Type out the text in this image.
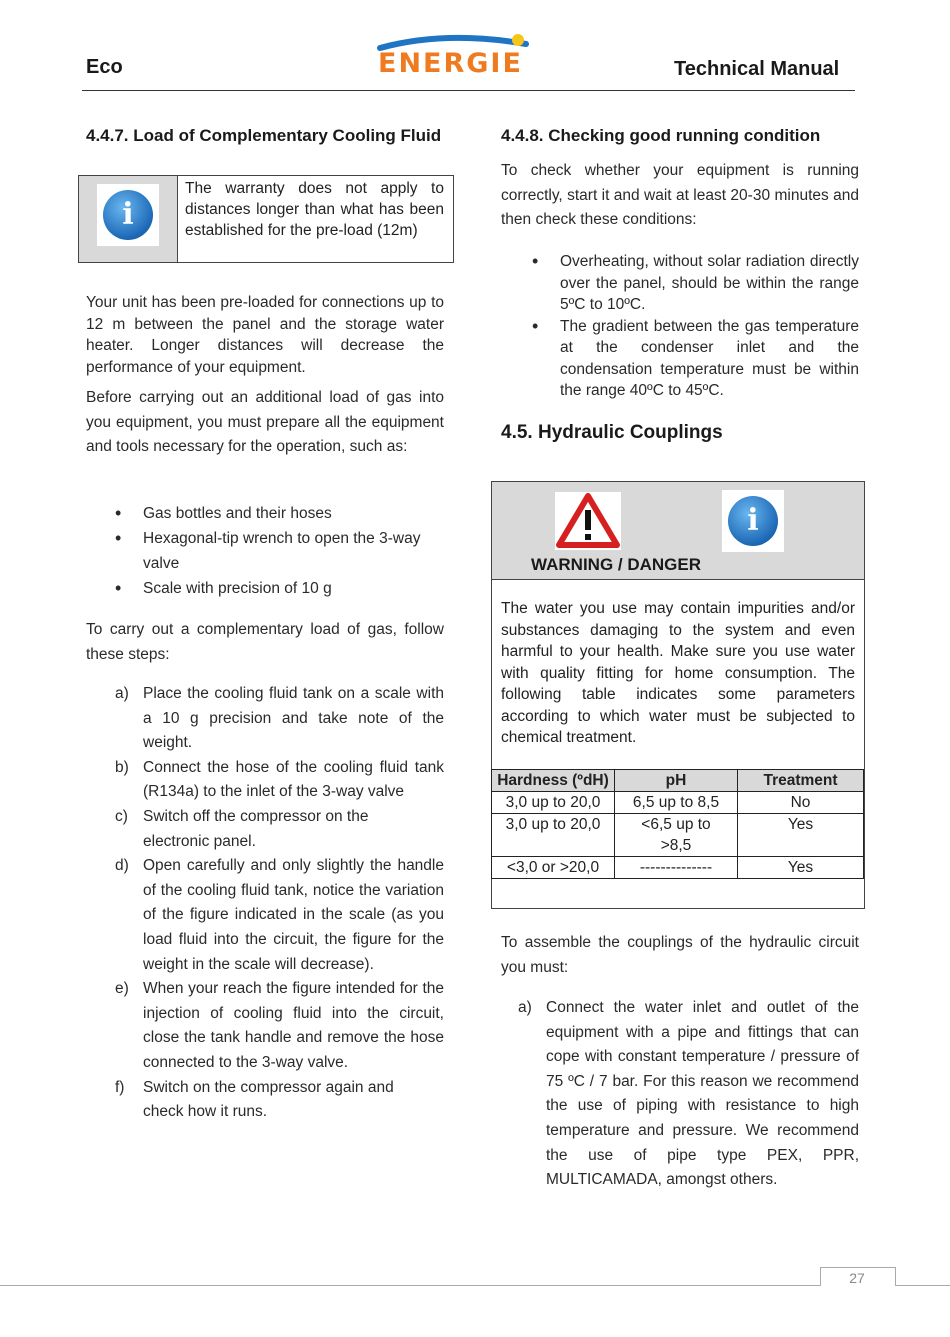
Eco	ENERGIE	Technical Manual
4.4.7. Load of Complementary Cooling Fluid
i
The warranty does not apply to distances longer than what has been established for the pre-load (12m)
Your unit has been pre-loaded for connections up to 12 m between the panel and the storage water heater. Longer distances will decrease the performance of your equipment.
Before carrying out an additional load of gas into you equipment, you must prepare all the equipment and tools necessary for the operation, such as:
• Gas bottles and their hoses
• Hexagonal-tip wrench to open the 3-way valve
• Scale with precision of 10 g
To carry out a complementary load of gas, follow these steps:
a) Place the cooling fluid tank on a scale with a 10 g precision and take note of the weight.
b) Connect the hose of the cooling fluid tank (R134a) to the inlet of the 3-way valve
c) Switch off the compressor on the electronic panel.
d) Open carefully and only slightly the handle of the cooling fluid tank, notice the variation of the figure indicated in the scale (as you load fluid into the circuit, the figure for the weight in the scale will decrease).
e) When your reach the figure intended for the injection of cooling fluid into the circuit, close the tank handle and remove the hose connected to the 3-way valve.
f) Switch on the compressor again and check how it runs.
4.4.8. Checking good running condition
To check whether your equipment is running correctly, start it and wait at least 20-30 minutes and then check these conditions:
• Overheating, without solar radiation directly over the panel, should be within the range 5ºC to 10ºC.
• The gradient between the gas temperature at the condenser inlet and the condensation temperature must be within the range 40ºC to 45ºC.
4.5. Hydraulic Couplings
i
WARNING / DANGER
The water you use may contain impurities and/or substances damaging to the system and even harmful to your health. Make sure you use water with quality fitting for home consumption. The following table indicates some parameters according to which water must be subjected to chemical treatment.
Hardness (ºdH)	pH	Treatment
3,0 up to 20,0	6,5 up to 8,5	No
3,0 up to 20,0	<6,5 up to >8,5	Yes
<3,0 or >20,0	--------------	Yes
To assemble the couplings of the hydraulic circuit you must:
a) Connect the water inlet and outlet of the equipment with a pipe and fittings that can cope with constant temperature / pressure of 75 ºC / 7 bar. For this reason we recommend the use of piping with resistance to high temperature and pressure. We recommend the use of pipe type PEX, PPR, MULTICAMADA, amongst others.
27
